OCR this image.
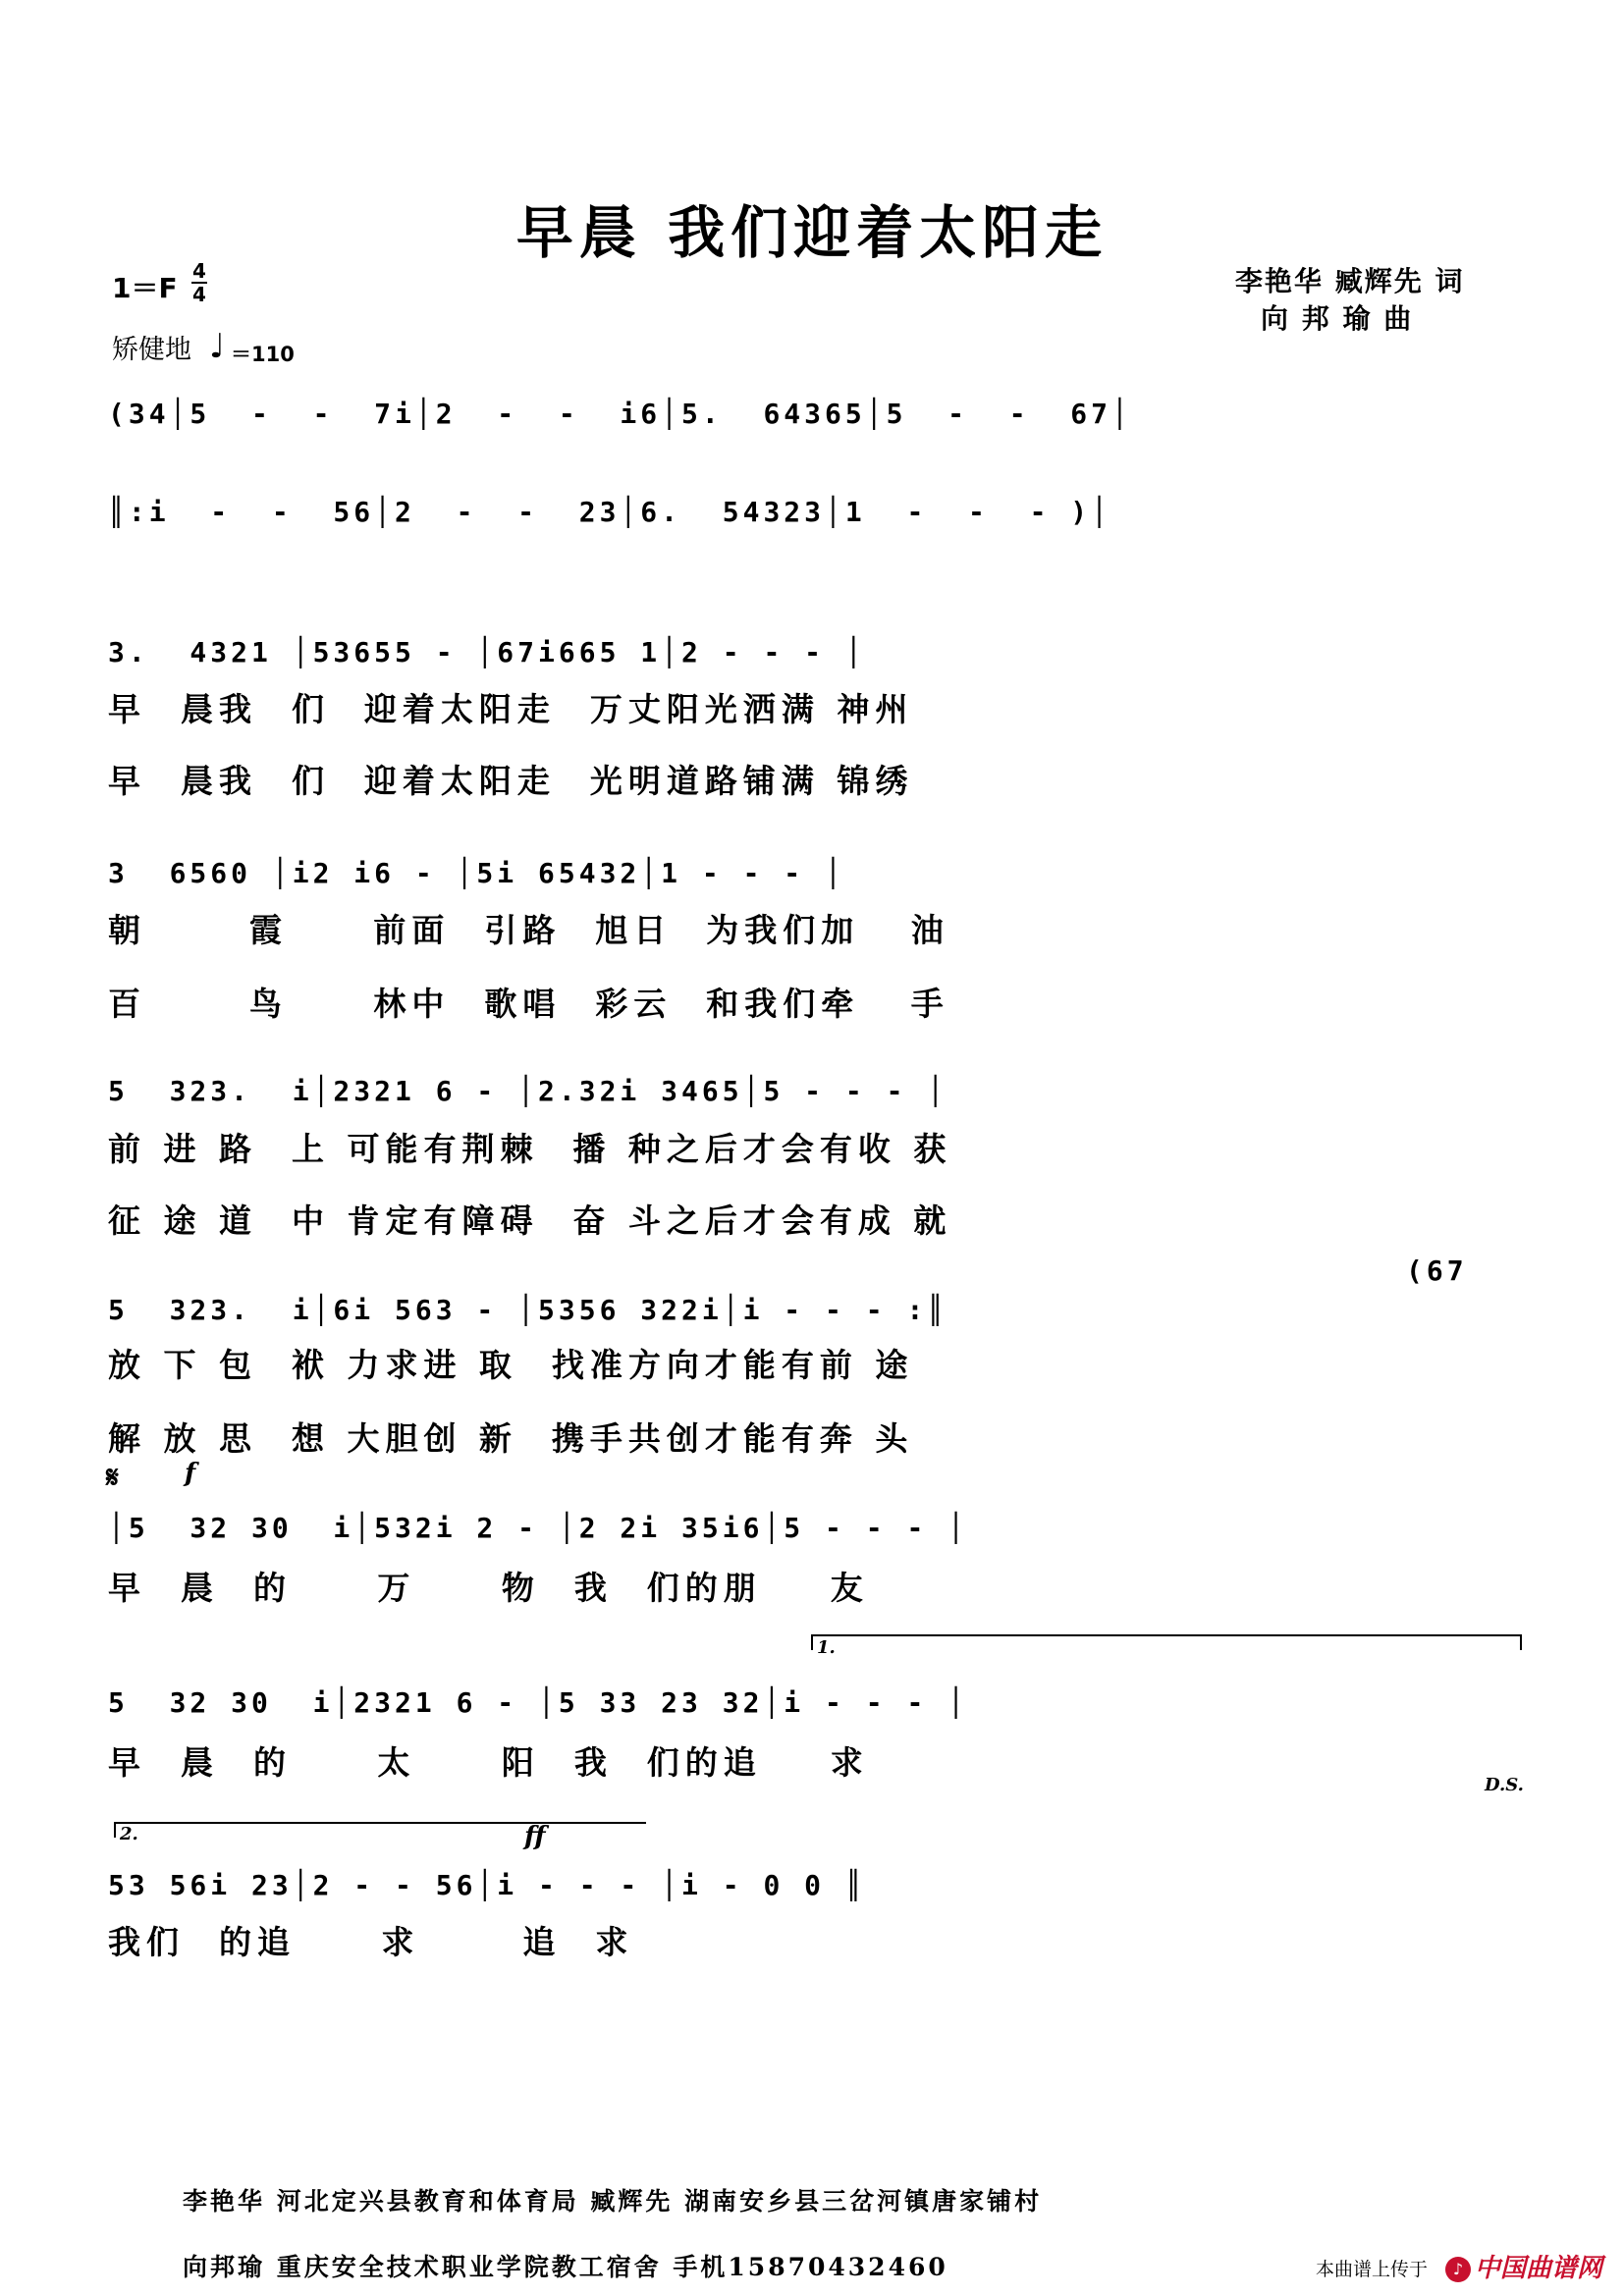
早晨 我们迎着太阳走
1＝F
4
4
矫健地 ♩ ＝110
李艳华 臧辉先 词
向 邦 瑜 曲
(34│5  -  -  7i│2  -  -  i6│5.  64365│5  -  -  67│
║:i  -  -  56│2  -  -  23│6.  54323│1  -  -  - )│
3.  4321 │53655 - │67i665 1│2 - - - │
早  晨我  们  迎着太阳走  万丈阳光洒满 神州
早  晨我  们  迎着太阳走  光明道路铺满 锦绣
3  6560 │i2 i6 - │5i 65432│1 - - - │
朝      霞     前面  引路  旭日  为我们加   油
百      鸟     林中  歌唱  彩云  和我们牵   手
5  323.  i│2321 6 - │2.32i 3465│5 - - - │
前 进 路  上 可能有荆棘  播 种之后才会有收 获
征 途 道  中 肯定有障碍  奋 斗之后才会有成 就
5  323.  i│6i 563 - │5356 322i│i - - - :║
(67
放 下 包  袱 力求进 取  找准方向才能有前 途
解 放 思  想 大胆创 新  携手共创才能有奔 头
𝄋	f
│5  32 30  i│532i 2 - │2 2i 35i6│5 - - - │
早  晨  的     万     物  我  们的朋    友
1.
5  32 30  i│2321 6 - │5 33 23 32│i - - - │
早  晨  的     太     阳  我  们的追    求
D.S.
2.	ff
53 56i 23│2 - - 56│i - - - │i - 0 0 ║
我们  的追     求      追  求
李艳华 河北定兴县教育和体育局 臧辉先 湖南安乡县三岔河镇唐家铺村
向邦瑜 重庆安全技术职业学院教工宿舍 手机15870432460	本曲谱上传于	♪ 中国曲谱网
